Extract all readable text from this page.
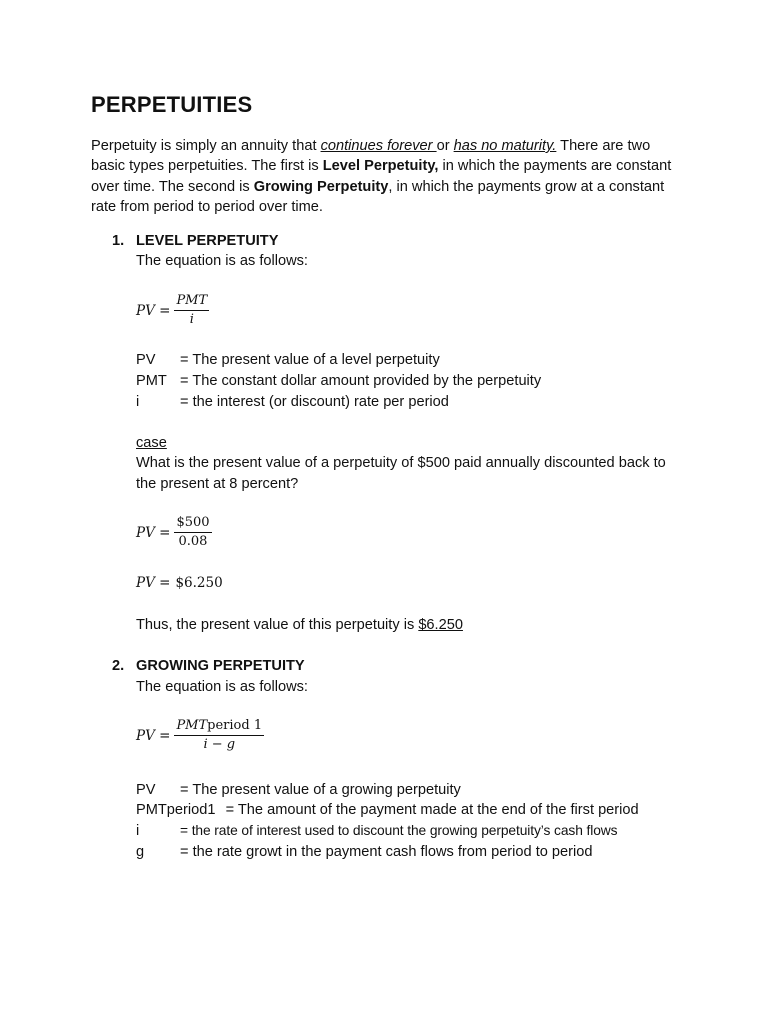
PERPETUITIES

Perpetuity is simply an annuity that continues forever or has no maturity. There are two basic types perpetuities. The first is Level Perpetuity, in which the payments are constant over time. The second is Growing Perpetuity, in which the payments grow at a constant rate from period to period over time.

1. LEVEL PERPETUITY
The equation is as follows:
PV = $\frac{\text{PMT}}{i}$
PV = The present value of a level perpetuity
PMT = The constant dollar amount provided by the perpetuity
i	= the interest (or discount) rate per period
case
What is the present value of a perpetuity of $500 paid annually discounted back to the present at 8 percent?
PV = $\frac{\$500}{0.08}$
PV = $6.250
Thus, the present value of this perpetuity is $6.250
2. GROWING PERPETUITY
The equation is as follows:
PV = $\frac{\text{PMTperiod 1}}{i - g}$
PV = The present value of a growing perpetuity
PMTperiod1 = The amount of the payment made at the end of the first period
i	= the rate of interest used to discount the growing perpetuity’s cash flows
g = the rate growt in the payment cash flows from period to period
